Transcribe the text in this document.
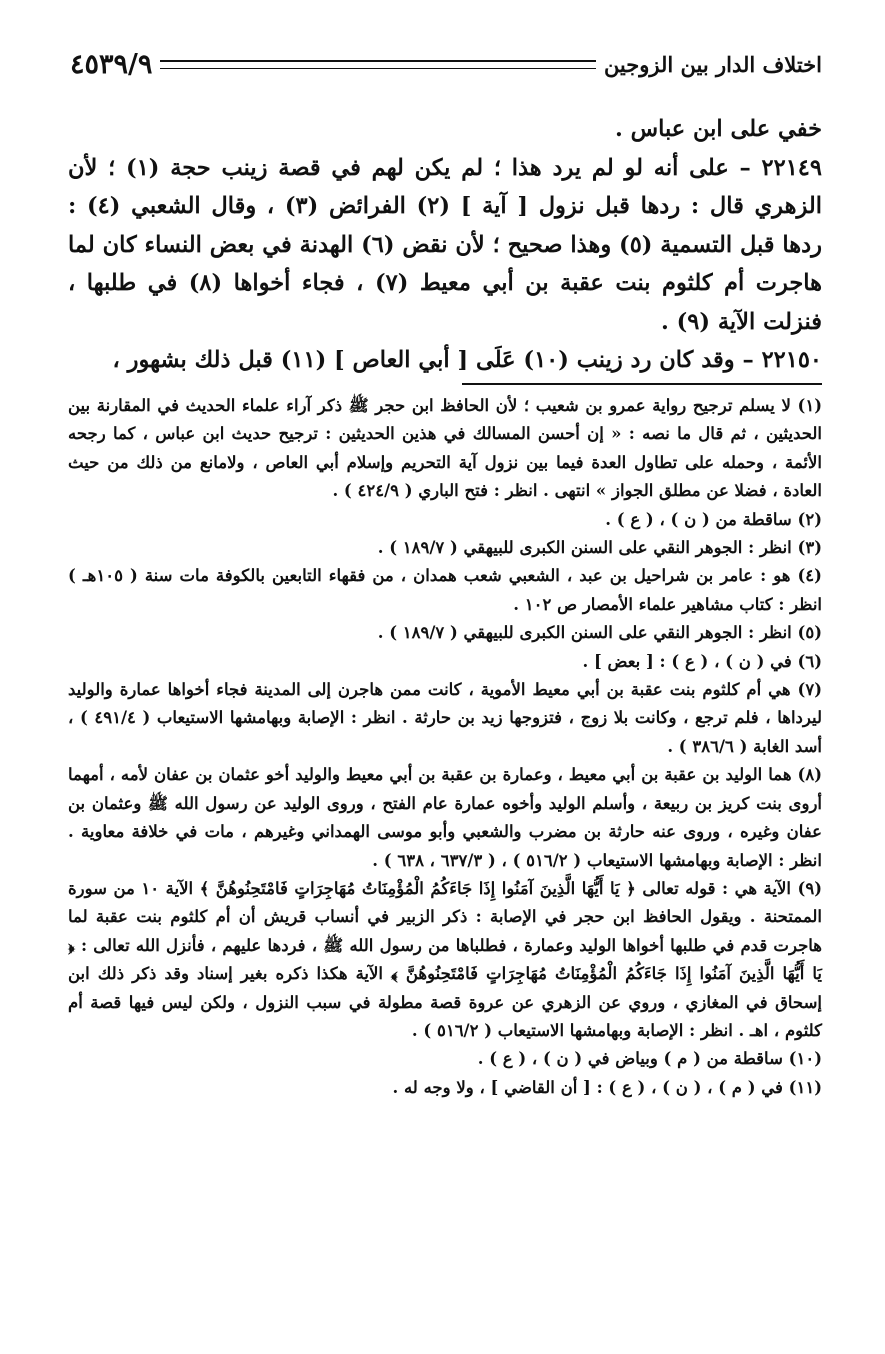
اختلاف الدار بين الزوجين
٤٥٣٩/٩

خفي على ابن عباس .

٢٢١٤٩ – على أنه لو لم يرد هذا ؛ لم يكن لهم في قصة زينب حجة (١) ؛ لأن الزهري قال : ردها قبل نزول [ آية ] (٢) الفرائض (٣) ، وقال الشعبي (٤) : ردها قبل التسمية (٥) وهذا صحيح ؛ لأن نقض (٦) الهدنة في بعض النساء كان لما هاجرت أم كلثوم بنت عقبة بن أبي معيط (٧) ، فجاء أخواها (٨) في طلبها ، فنزلت الآية (٩) .

٢٢١٥٠ – وقد كان رد زينب (١٠) عَلَى [ أبي العاص ] (١١) قبل ذلك بشهور ،

(١) لا يسلم ترجيح رواية عمرو بن شعيب ؛ لأن الحافظ ابن حجر ﷺ ذكر آراء علماء الحديث في المقارنة بين الحديثين ، ثم قال ما نصه : « إن أحسن المسالك في هذين الحديثين : ترجيح حديث ابن عباس ، كما رجحه الأئمة ، وحمله على تطاول العدة فيما بين نزول آية التحريم وإسلام أبي العاص ، ولامانع من ذلك من حيث العادة ، فضلا عن مطلق الجواز » انتهى . انظر : فتح الباري ( ٤٢٤/٩ ) .

(٢) ساقطة من ( ن ) ، ( ع ) .

(٣) انظر : الجوهر النقي على السنن الكبرى للبيهقي ( ١٨٩/٧ ) .

(٤) هو : عامر بن شراحيل بن عبد ، الشعبي شعب همدان ، من فقهاء التابعين بالكوفة مات سنة ( ١٠٥هـ ) انظر : كتاب مشاهير علماء الأمصار ص ١٠٢ .

(٥) انظر : الجوهر النقي على السنن الكبرى للبيهقي ( ١٨٩/٧ ) .

(٦) في ( ن ) ، ( ع ) : [ بعض ] .

(٧) هي أم كلثوم بنت عقبة بن أبي معيط الأموية ، كانت ممن هاجرن إلى المدينة فجاء أخواها عمارة والوليد ليرداها ، فلم ترجع ، وكانت بلا زوج ، فتزوجها زيد بن حارثة . انظر : الإصابة وبهامشها الاستيعاب ( ٤٩١/٤ ) ، أسد الغابة ( ٣٨٦/٦ ) .

(٨) هما الوليد بن عقبة بن أبي معيط ، وعمارة بن عقبة بن أبي معيط والوليد أخو عثمان بن عفان لأمه ، أمهما أروى بنت كريز بن ربيعة ، وأسلم الوليد وأخوه عمارة عام الفتح ، وروى الوليد عن رسول الله ﷺ وعثمان بن عفان وغيره ، وروى عنه حارثة بن مضرب والشعبي وأبو موسى الهمداني وغيرهم ، مات في خلافة معاوية . انظر : الإصابة وبهامشها الاستيعاب ( ٥١٦/٢ ) ، ( ٦٣٧/٣ ، ٦٣٨ ) .

(٩) الآية هي : قوله تعالى ﴿ يَا أَيُّهَا الَّذِينَ آمَنُوا إِذَا جَاءَكُمُ الْمُؤْمِنَاتُ مُهَاجِرَاتٍ فَامْتَحِنُوهُنَّ ﴾ الآية ١٠ من سورة الممتحنة . ويقول الحافظ ابن حجر في الإصابة : ذكر الزبير في أنساب قريش أن أم كلثوم بنت عقبة لما هاجرت قدم في طلبها أخواها الوليد وعمارة ، فطلباها من رسول الله ﷺ ، فردها عليهم ، فأنزل الله تعالى : ﴿ يَا أَيُّهَا الَّذِينَ آمَنُوا إِذَا جَاءَكُمُ الْمُؤْمِنَاتُ مُهَاجِرَاتٍ فَامْتَحِنُوهُنَّ ﴾ الآية هكذا ذكره بغير إسناد وقد ذكر ذلك ابن إسحاق في المغازي ، وروي عن الزهري عن عروة قصة مطولة في سبب النزول ، ولكن ليس فيها قصة أم كلثوم ، اهـ . انظر : الإصابة وبهامشها الاستيعاب ( ٥١٦/٢ ) .

(١٠) ساقطة من ( م ) وبياض في ( ن ) ، ( ع ) .

(١١) في ( م ) ، ( ن ) ، ( ع ) : [ أن القاضي ] ، ولا وجه له .
